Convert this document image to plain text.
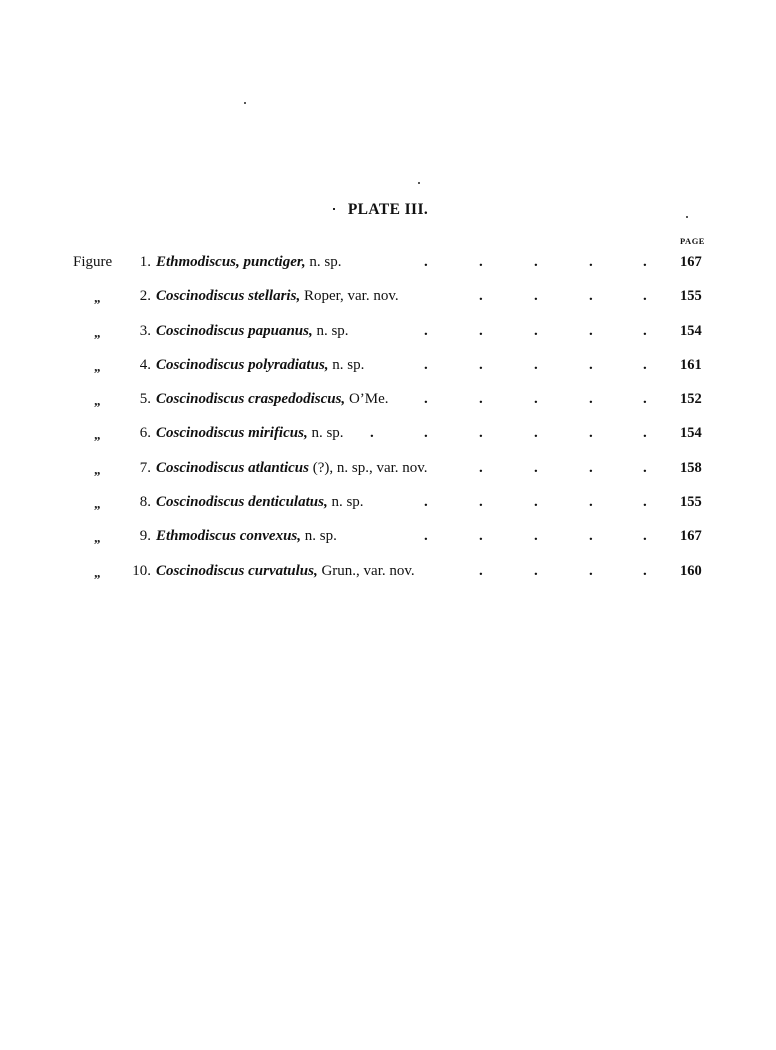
PLATE III.
PAGE
Figure 1. Ethmodiscus, punctiger, n. sp.	.	.	.	.	. 167
„	2. Coscinodiscus stellaris, Roper, var. nov.	.	.	.	. 155
„	3. Coscinodiscus papuanus, n. sp.	.	.	.	.	. 154
„	4. Coscinodiscus polyradiatus, n. sp.	.	.	.	.	. 161
„	5. Coscinodiscus craspedodiscus, O’Me. .	.	.	.	. 152
„	6. Coscinodiscus mirificus, n. sp. .	.	.	.	.	. 154
„	7. Coscinodiscus atlanticus (?), n. sp., var. nov.	.	.	.	. 158
„	8. Coscinodiscus denticulatus, n. sp.	.	.	.	.	. 155
„	9. Ethmodiscus convexus, n. sp.	.	.	.	.	. 167
„ 10. Coscinodiscus curvatulus, Grun., var. nov.	.	.	.	. 160
